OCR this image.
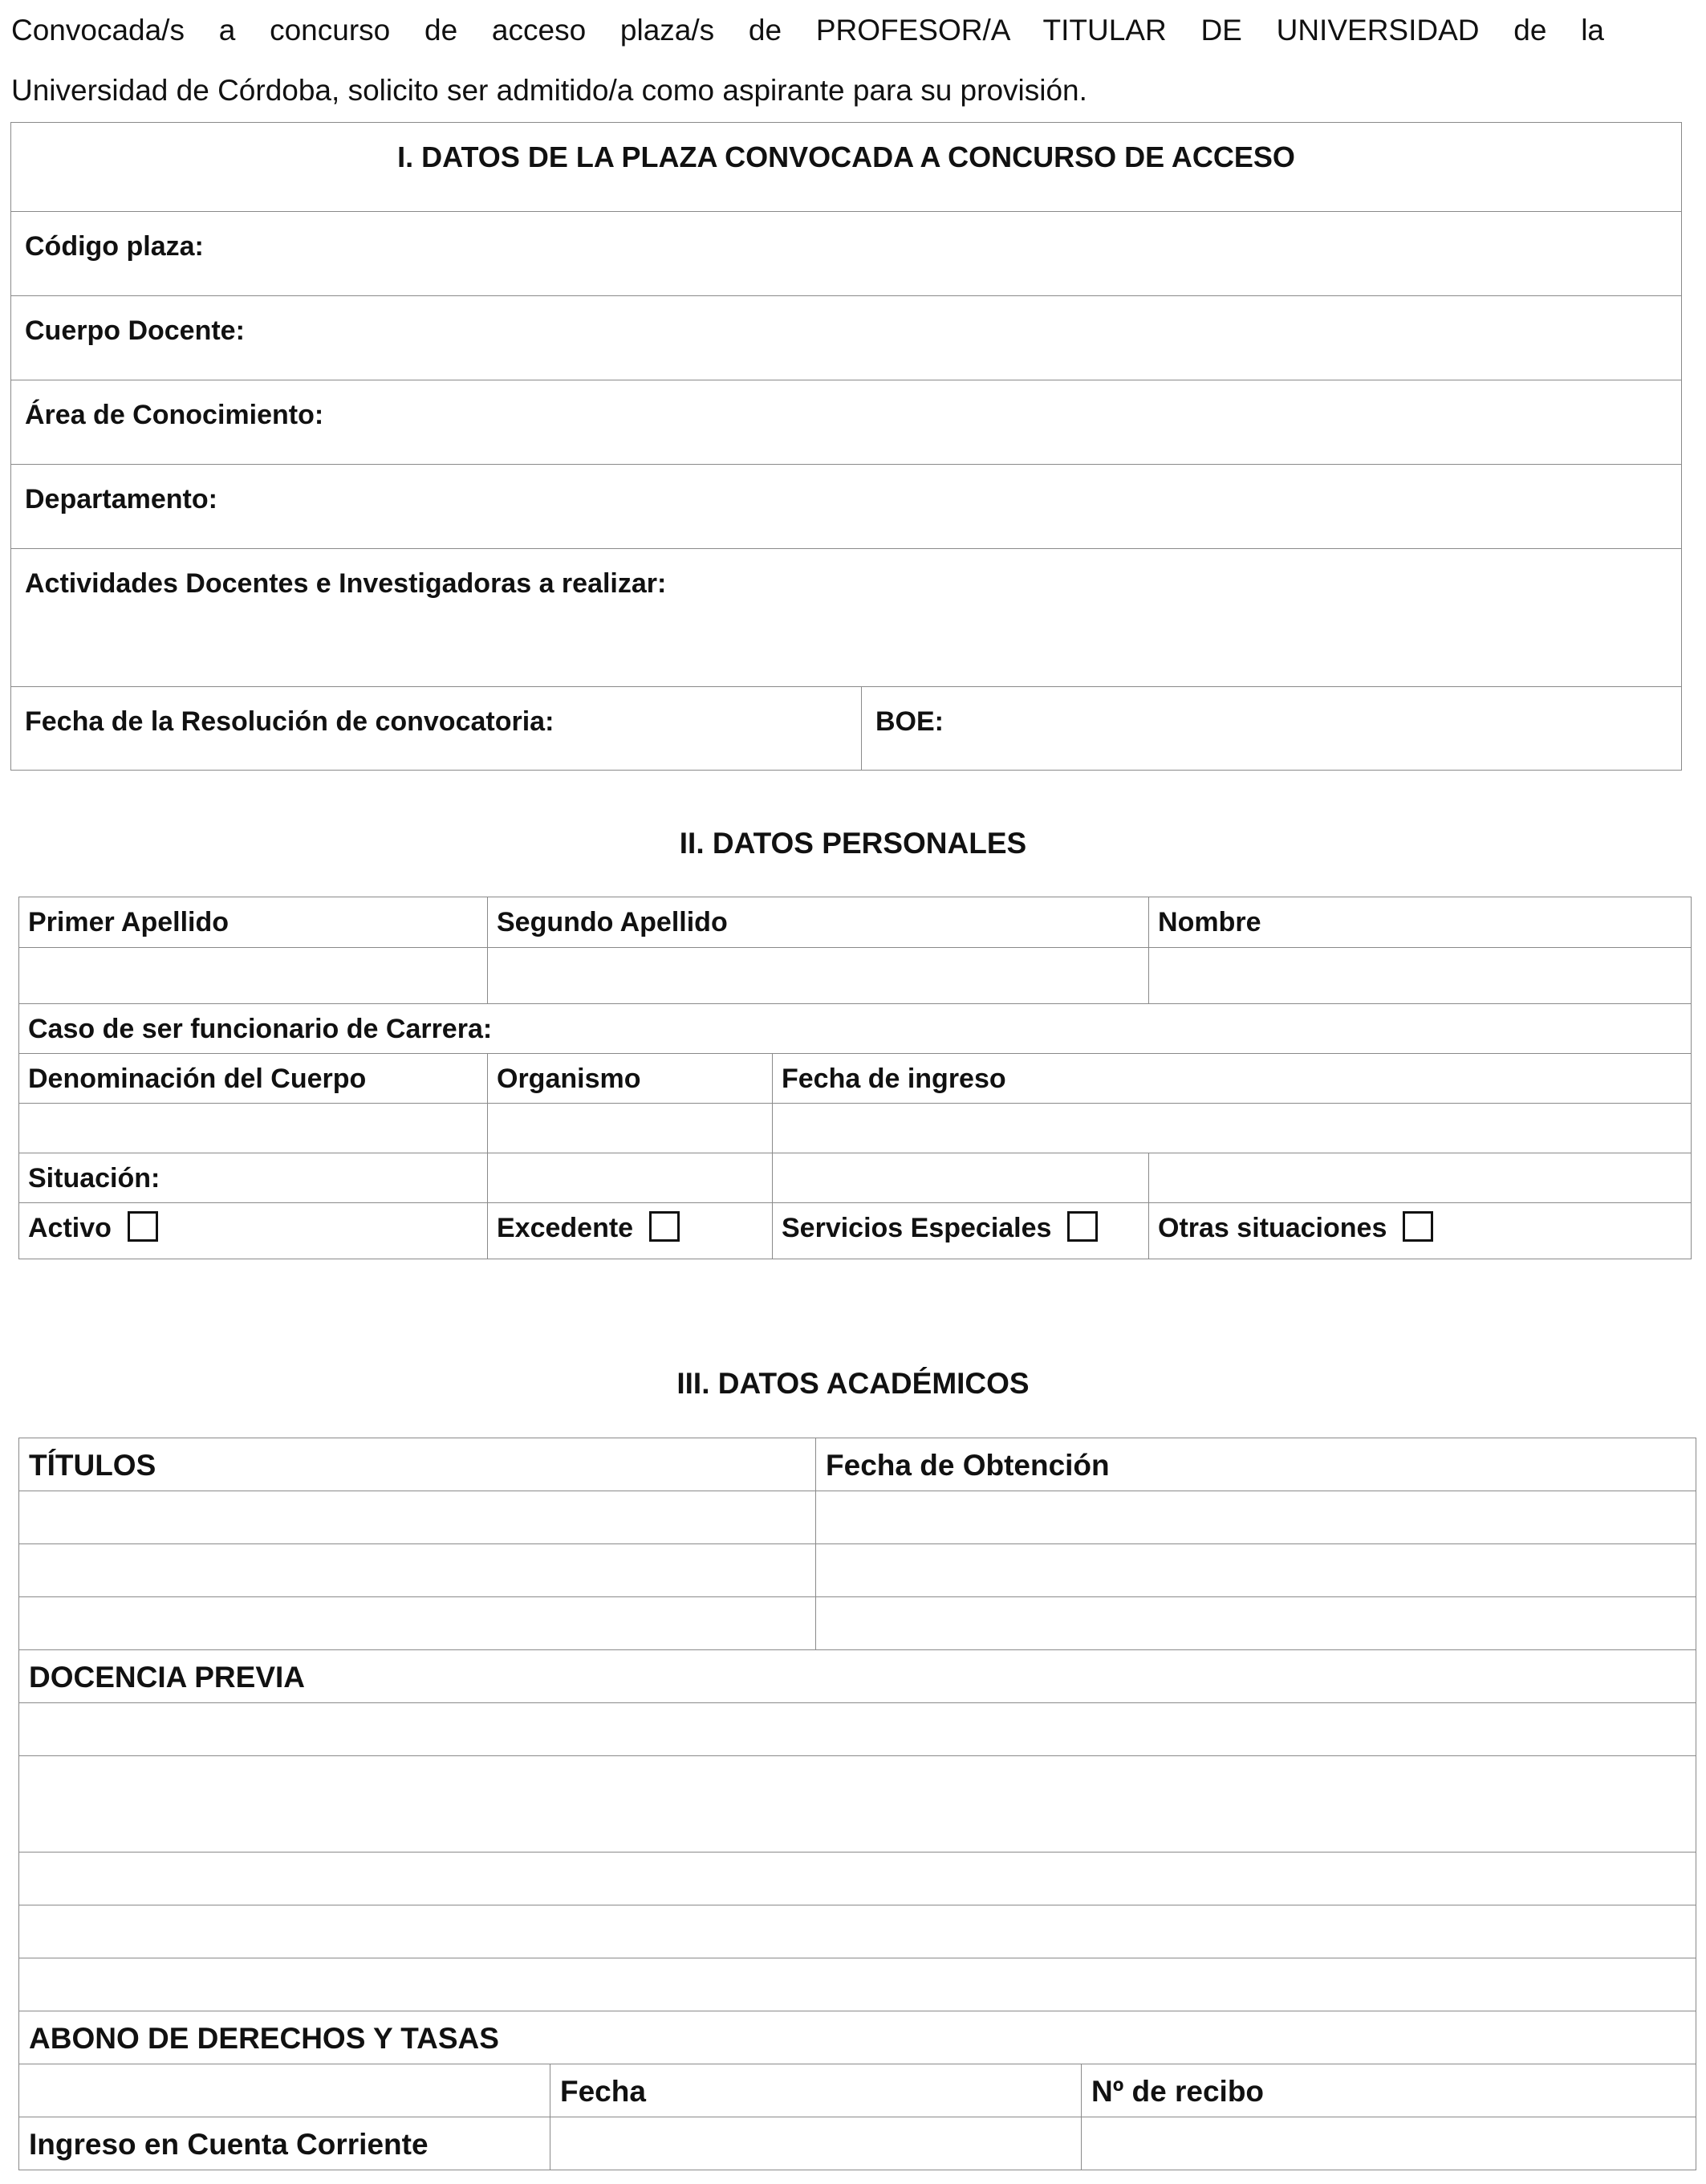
Convocada/s a concurso de acceso plaza/s de PROFESOR/A TITULAR DE UNIVERSIDAD de la
Universidad de Córdoba, solicito ser admitido/a como aspirante para su provisión.
I. DATOS DE LA PLAZA CONVOCADA A CONCURSO DE ACCESO
Código plaza:
Cuerpo Docente:
Área de Conocimiento:
Departamento:
Actividades Docentes e Investigadoras a realizar:
Fecha de la Resolución de convocatoria:	BOE:
II. DATOS PERSONALES
Primer Apellido	Segundo Apellido		Nombre

Caso de ser funcionario de Carrera:			
Denominación del Cuerpo	Organismo	Fecha de ingreso	

Situación:			
Activo	Excedente	Servicios Especiales	Otras situaciones
III. DATOS ACADÉMICOS
TÍTULOS		Fecha de Obtención	

DOCENCIA PREVIA			

ABONO DE DERECHOS Y TASAS			
	Fecha		Nº de recibo
Ingreso en Cuenta Corriente			
